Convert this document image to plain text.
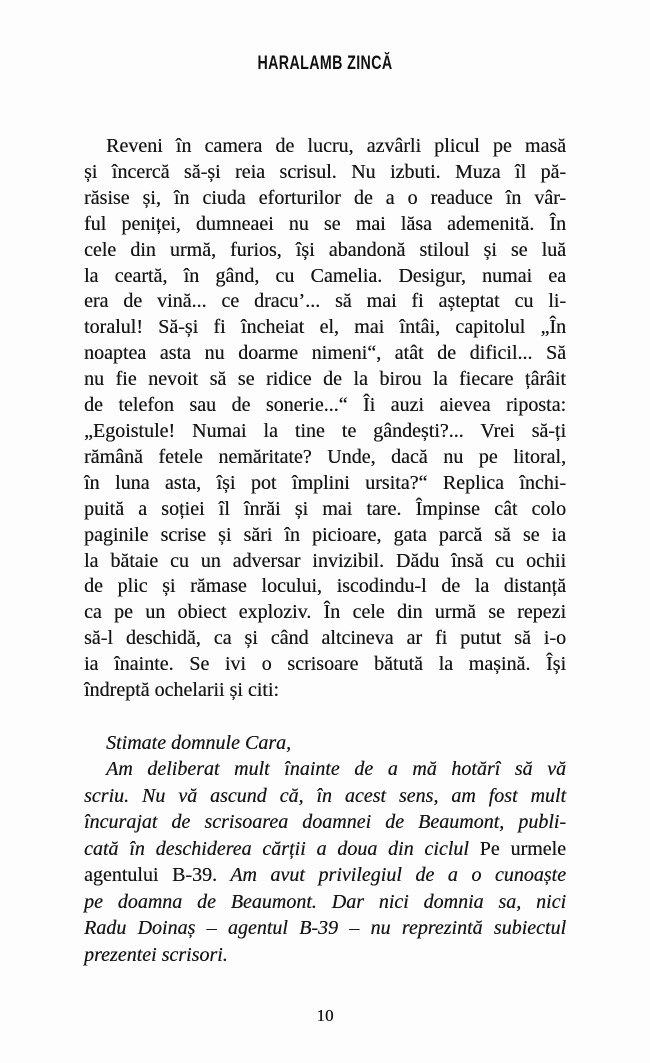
HARALAMB ZINCĂ
Reveni în camera de lucru, azvârli plicul pe masă
și încercă să-și reia scrisul. Nu izbuti. Muza îl pă-
răsise și, în ciuda eforturilor de a o readuce în vâr-
ful peniței, dumneaei nu se mai lăsa ademenită. În
cele din urmă, furios, își abandonă stiloul și se luă
la ceartă, în gând, cu Camelia. Desigur, numai ea
era de vină... ce dracu’... să mai fi așteptat cu li-
toralul! Să-și fi încheiat el, mai întâi, capitolul „În
noaptea asta nu doarme nimeni“, atât de dificil... Să
nu fie nevoit să se ridice de la birou la fiecare țârâit
de telefon sau de sonerie...“ Îi auzi aievea riposta:
„Egoistule! Numai la tine te gândești?... Vrei să-ți
rămână fetele nemăritate? Unde, dacă nu pe litoral,
în luna asta, își pot împlini ursita?“ Replica închi-
puită a soției îl înrăi și mai tare. Împinse cât colo
paginile scrise și sări în picioare, gata parcă să se ia
la bătaie cu un adversar invizibil. Dădu însă cu ochii
de plic și rămase locului, iscodindu-l de la distanță
ca pe un obiect exploziv. În cele din urmă se repezi
să-l deschidă, ca și când altcineva ar fi putut să i-o
ia înainte. Se ivi o scrisoare bătută la mașină. Își
îndreptă ochelarii și citi:
Stimate domnule Cara,
Am deliberat mult înainte de a mă hotărî să vă
scriu. Nu vă ascund că, în acest sens, am fost mult
încurajat de scrisoarea doamnei de Beaumont, publi-
cată în deschiderea cărții a doua din ciclul Pe urmele
agentului B-39. Am avut privilegiul de a o cunoaște
pe doamna de Beaumont. Dar nici domnia sa, nici
Radu Doinaș – agentul B-39 – nu reprezintă subiectul
prezentei scrisori.
10
